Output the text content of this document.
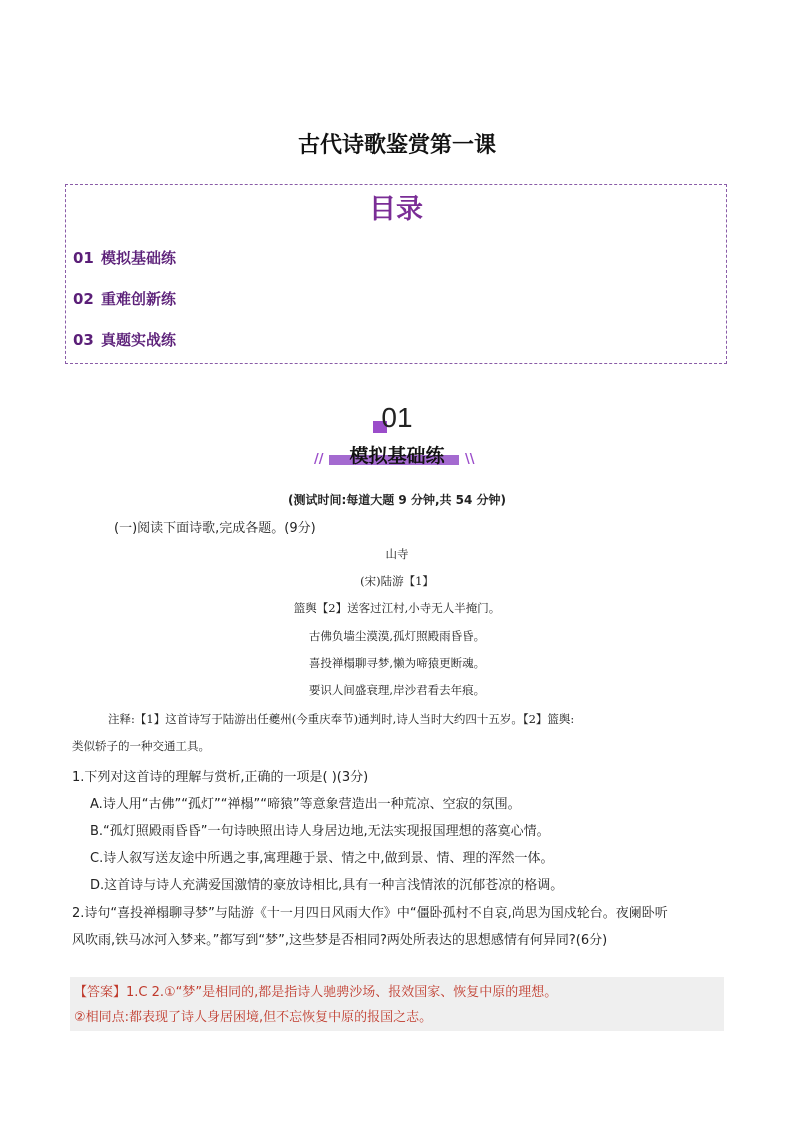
古代诗歌鉴赏第一课
目录
01 模拟基础练
02 重难创新练
03 真题实战练
01
模拟基础练
//	\\
(测试时间:每道大题 9 分钟,共 54 分钟)
(一)阅读下面诗歌,完成各题。(9分)
山寺
(宋)陆游【1】
篮舆【2】送客过江村,小寺无人半掩门。
古佛负墙尘漠漠,孤灯照殿雨昏昏。
喜投禅榻聊寻梦,懒为啼猿更断魂。
要识人间盛衰理,岸沙君看去年痕。
注释:【1】这首诗写于陆游出任夔州(今重庆奉节)通判时,诗人当时大约四十五岁。【2】篮舆:
类似轿子的一种交通工具。
1.下列对这首诗的理解与赏析,正确的一项是( )(3分)
A.诗人用“古佛”“孤灯”“禅榻”“啼猿”等意象营造出一种荒凉、空寂的氛围。
B.“孤灯照殿雨昏昏”一句诗映照出诗人身居边地,无法实现报国理想的落寞心情。
C.诗人叙写送友途中所遇之事,寓理趣于景、情之中,做到景、情、理的浑然一体。
D.这首诗与诗人充满爱国激情的豪放诗相比,具有一种言浅情浓的沉郁苍凉的格调。
2.诗句“喜投禅榻聊寻梦”与陆游《十一月四日风雨大作》中“僵卧孤村不自哀,尚思为国戍轮台。夜阑卧听
风吹雨,铁马冰河入梦来。”都写到“梦”,这些梦是否相同?两处所表达的思想感情有何异同?(6分)
【答案】1.C 2.①“梦”是相同的,都是指诗人驰骋沙场、报效国家、恢复中原的理想。
②相同点:都表现了诗人身居困境,但不忘恢复中原的报国之志。
